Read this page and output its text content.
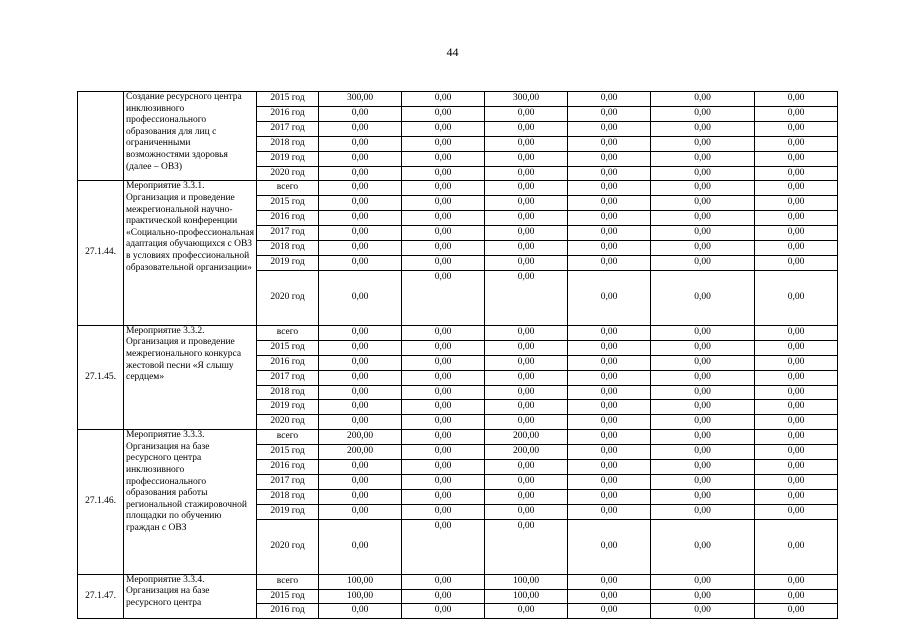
44
	Создание ресурсного центра инклюзивного профессионального образования для лиц с ограниченными возможностями здоровья (далее – ОВЗ)	2015 год	300,00	0,00	300,00	0,00	0,00	0,00
		2016 год	0,00	0,00	0,00	0,00	0,00	0,00
		2017 год	0,00	0,00	0,00	0,00	0,00	0,00
		2018 год	0,00	0,00	0,00	0,00	0,00	0,00
		2019 год	0,00	0,00	0,00	0,00	0,00	0,00
		2020 год	0,00	0,00	0,00	0,00	0,00	0,00
27.1.44.	Мероприятие 3.3.1. Организация и проведение межрегиональной научно-практической конференции «Социально-профессиональная адаптация обучающихся с ОВЗ в условиях профессиональной образовательной организации»	всего	0,00	0,00	0,00	0,00	0,00	0,00
		2015 год	0,00	0,00	0,00	0,00	0,00	0,00
		2016 год	0,00	0,00	0,00	0,00	0,00	0,00
		2017 год	0,00	0,00	0,00	0,00	0,00	0,00
		2018 год	0,00	0,00	0,00	0,00	0,00	0,00
		2019 год	0,00	0,00	0,00	0,00	0,00	0,00
		2020 год	0,00	0,00	0,00	0,00	0,00	0,00
27.1.45.	Мероприятие 3.3.2. Организация и проведение межрегионального конкурса жестовой песни «Я слышу сердцем»	всего	0,00	0,00	0,00	0,00	0,00	0,00
		2015 год	0,00	0,00	0,00	0,00	0,00	0,00
		2016 год	0,00	0,00	0,00	0,00	0,00	0,00
		2017 год	0,00	0,00	0,00	0,00	0,00	0,00
		2018 год	0,00	0,00	0,00	0,00	0,00	0,00
		2019 год	0,00	0,00	0,00	0,00	0,00	0,00
		2020 год	0,00	0,00	0,00	0,00	0,00	0,00
27.1.46.	Мероприятие 3.3.3. Организация на базе ресурсного центра инклюзивного профессионального образования работы региональной стажировочной площадки по обучению граждан с ОВЗ	всего	200,00	0,00	200,00	0,00	0,00	0,00
		2015 год	200,00	0,00	200,00	0,00	0,00	0,00
		2016 год	0,00	0,00	0,00	0,00	0,00	0,00
		2017 год	0,00	0,00	0,00	0,00	0,00	0,00
		2018 год	0,00	0,00	0,00	0,00	0,00	0,00
		2019 год	0,00	0,00	0,00	0,00	0,00	0,00
		2020 год	0,00	0,00	0,00	0,00	0,00	0,00
27.1.47.	Мероприятие 3.3.4. Организация на базе ресурсного центра	всего	100,00	0,00	100,00	0,00	0,00	0,00
		2015 год	100,00	0,00	100,00	0,00	0,00	0,00
		2016 год	0,00	0,00	0,00	0,00	0,00	0,00
